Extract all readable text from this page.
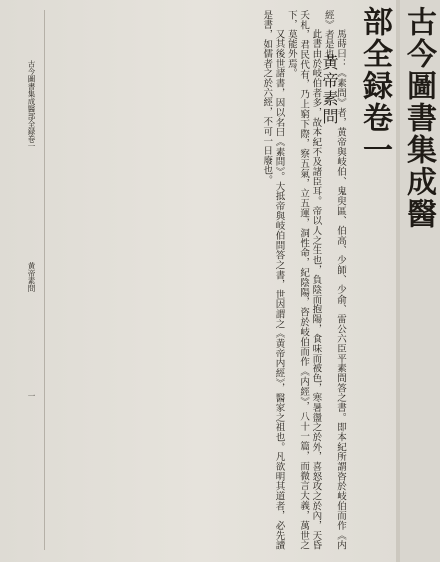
古今圖書集成醫部全録卷一
黄帝素問

馬蒔曰：《素問》者，黄帝與岐伯、鬼臾區、伯高、少師、少俞、雷公六臣平素問答之書。即本紀所謂咨於岐伯而作《内經》者是也。

此書由於岐伯者多，故本紀不及諸臣耳。帝以人之生也，負陰而抱陽，食味而被色，寒暑盪之於外，喜怒攻之於內，天昏夭札，君民代有，乃上窮下際，察五氣，立五運，洞性命，紀陰陽，咨於岐伯而作《内經》，八十一篇，而微言大義，萬世之下，莫能外焉。

又其後世諸書，因以名曰《素問》。大抵帝與岐伯問答之書，世因謂之《黄帝内經》，醫家之祖也。凡欲明其道者，必先讀是書，如儒者之於六經，不可一日廢也。

古今圖書集成醫部全録卷一
黄帝素問
一
